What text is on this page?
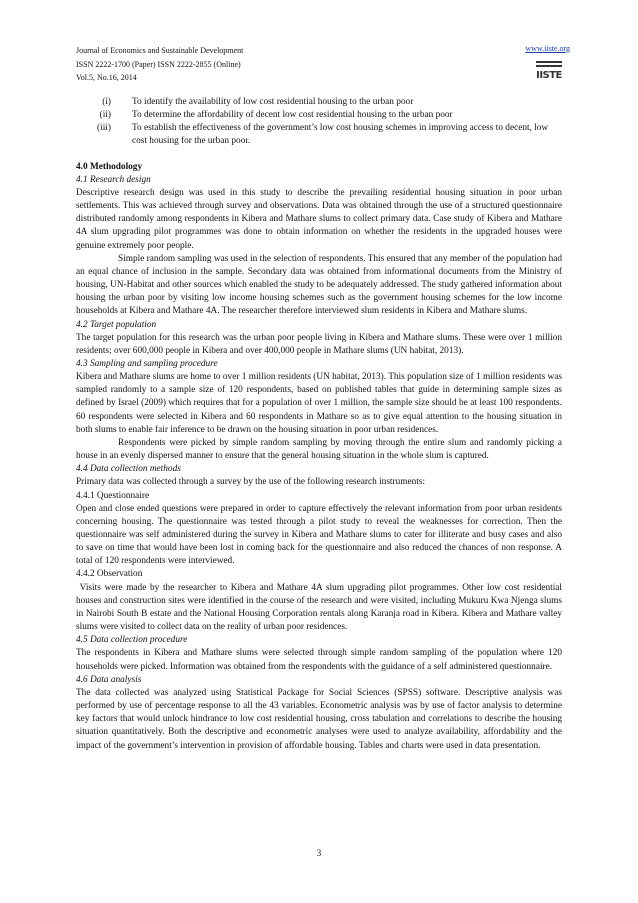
Journal of Economics and Sustainable Development
ISSN 2222-1700 (Paper) ISSN 2222-2855 (Online)
Vol.5, No.16, 2014
www.iiste.org
IISTE
(i)	To identify the availability of low cost residential housing to the urban poor
(ii)	To determine the affordability of decent low cost residential housing to the urban poor
(iii) To establish the effectiveness of the government’s low cost housing schemes in improving access to decent, low cost housing for the urban poor.

4.0 Methodology

4.1 Research design

Descriptive research design was used in this study to describe the prevailing residential housing situation in poor urban settlements. This was achieved through survey and observations. Data was obtained through the use of a structured questionnaire distributed randomly among respondents in Kibera and Mathare slums to collect primary data. Case study of Kibera and Mathare 4A slum upgrading pilot programmes was done to obtain information on whether the residents in the upgraded houses were genuine extremely poor people.

Simple random sampling was used in the selection of respondents. This ensured that any member of the population had an equal chance of inclusion in the sample. Secondary data was obtained from informational documents from the Ministry of housing, UN-Habitat and other sources which enabled the study to be adequately addressed. The study gathered information about housing the urban poor by visiting low income housing schemes such as the government housing schemes for the low income households at Kibera and Mathare 4A. The researcher therefore interviewed slum residents in Kibera and Mathare slums.

4.2 Target population

The target population for this research was the urban poor people living in Kibera and Mathare slums. These were over 1 million residents; over 600,000 people in Kibera and over 400,000 people in Mathare slums (UN habitat, 2013).

4.3 Sampling and sampling procedure

Kibera and Mathare slums are home to over 1 million residents (UN habitat, 2013). This population size of 1 million residents was sampled randomly to a sample size of 120 respondents, based on published tables that guide in determining sample sizes as defined by Israel (2009) which requires that for a population of over 1 million, the sample size should be at least 100 respondents. 60 respondents were selected in Kibera and 60 respondents in Mathare so as to give equal attention to the housing situation in both slums to enable fair inference to be drawn on the housing situation in poor urban residences.

Respondents were picked by simple random sampling by moving through the entire slum and randomly picking a house in an evenly dispersed manner to ensure that the general housing situation in the whole slum is captured.

4.4 Data collection methods

Primary data was collected through a survey by the use of the following research instruments:

4.4.1 Questionnaire

Open and close ended questions were prepared in order to capture effectively the relevant information from poor urban residents concerning housing. The questionnaire was tested through a pilot study to reveal the weaknesses for correction. Then the questionnaire was self administered during the survey in Kibera and Mathare slums to cater for illiterate and busy cases and also to save on time that would have been lost in coming back for the questionnaire and also reduced the chances of non response. A total of 120 respondents were interviewed.

4.4.2 Observation

Visits were made by the researcher to Kibera and Mathare 4A slum upgrading pilot programmes. Other low cost residential houses and construction sites were identified in the course of the research and were visited, including Mukuru Kwa Njenga slums in Nairobi South B estate and the National Housing Corporation rentals along Karanja road in Kibera. Kibera and Mathare valley slums were visited to collect data on the reality of urban poor residences.

4.5 Data collection procedure

The respondents in Kibera and Mathare slums were selected through simple random sampling of the population where 120 households were picked. Information was obtained from the respondents with the guidance of a self administered questionnaire.

4.6 Data analysis

The data collected was analyzed using Statistical Package for Social Sciences (SPSS) software. Descriptive analysis was performed by use of percentage response to all the 43 variables. Econometric analysis was by use of factor analysis to determine key factors that would unlock hindrance to low cost residential housing, cross tabulation and correlations to describe the housing situation quantitatively. Both the descriptive and econometric analyses were used to analyze availability, affordability and the impact of the government’s intervention in provision of affordable housing. Tables and charts were used in data presentation.

3
